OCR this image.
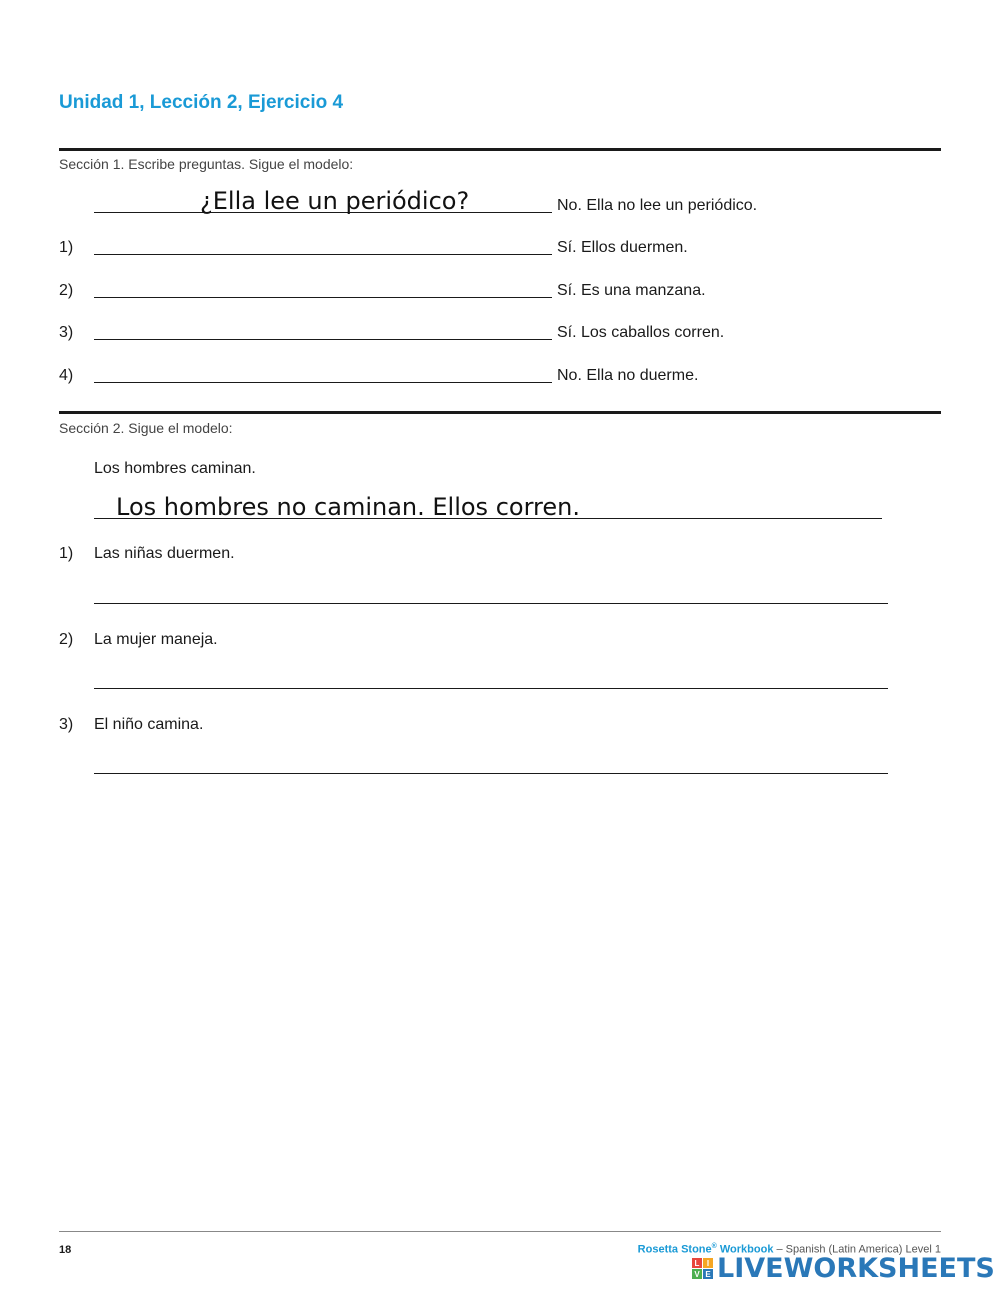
Unidad 1, Lección 2, Ejercicio 4
Sección 1. Escribe preguntas. Sigue el modelo:
¿Ella lee un periódico?	No. Ella no lee un periódico.
1)	Sí. Ellos duermen.
2)	Sí. Es una manzana.
3)	Sí. Los caballos corren.
4)	No. Ella no duerme.
Sección 2. Sigue el modelo:
Los hombres caminan.
Los hombres no caminan. Ellos corren.
1) Las niñas duermen.
2) La mujer maneja.
3) El niño camina.
18	Rosetta Stone® Workbook – Spanish (Latin America) Level 1
L I
V E LIVEWORKSHEETS
